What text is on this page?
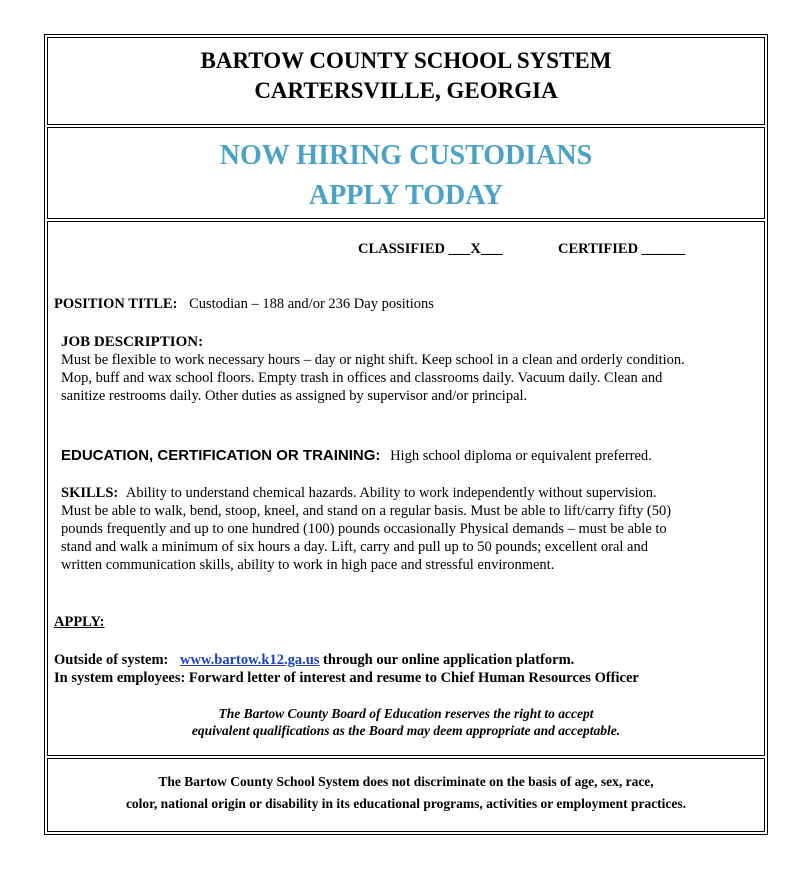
BARTOW COUNTY SCHOOL SYSTEM
CARTERSVILLE, GEORGIA
NOW HIRING CUSTODIANS
APPLY TODAY
CLASSIFIED ___X___	CERTIFIED ______
POSITION TITLE: Custodian – 188 and/or 236 Day positions
JOB DESCRIPTION:
Must be flexible to work necessary hours – day or night shift. Keep school in a clean and orderly condition.
Mop, buff and wax school floors. Empty trash in offices and classrooms daily. Vacuum daily. Clean and
sanitize restrooms daily. Other duties as assigned by supervisor and/or principal.
EDUCATION, CERTIFICATION OR TRAINING: High school diploma or equivalent preferred.
SKILLS: Ability to understand chemical hazards. Ability to work independently without supervision.
Must be able to walk, bend, stoop, kneel, and stand on a regular basis. Must be able to lift/carry fifty (50)
pounds frequently and up to one hundred (100) pounds occasionally Physical demands – must be able to
stand and walk a minimum of six hours a day. Lift, carry and pull up to 50 pounds; excellent oral and
written communication skills, ability to work in high pace and stressful environment.
APPLY:
Outside of system: www.bartow.k12.ga.us through our online application platform.
In system employees: Forward letter of interest and resume to Chief Human Resources Officer
The Bartow County Board of Education reserves the right to accept
equivalent qualifications as the Board may deem appropriate and acceptable.
The Bartow County School System does not discriminate on the basis of age, sex, race,
color, national origin or disability in its educational programs, activities or employment practices.
